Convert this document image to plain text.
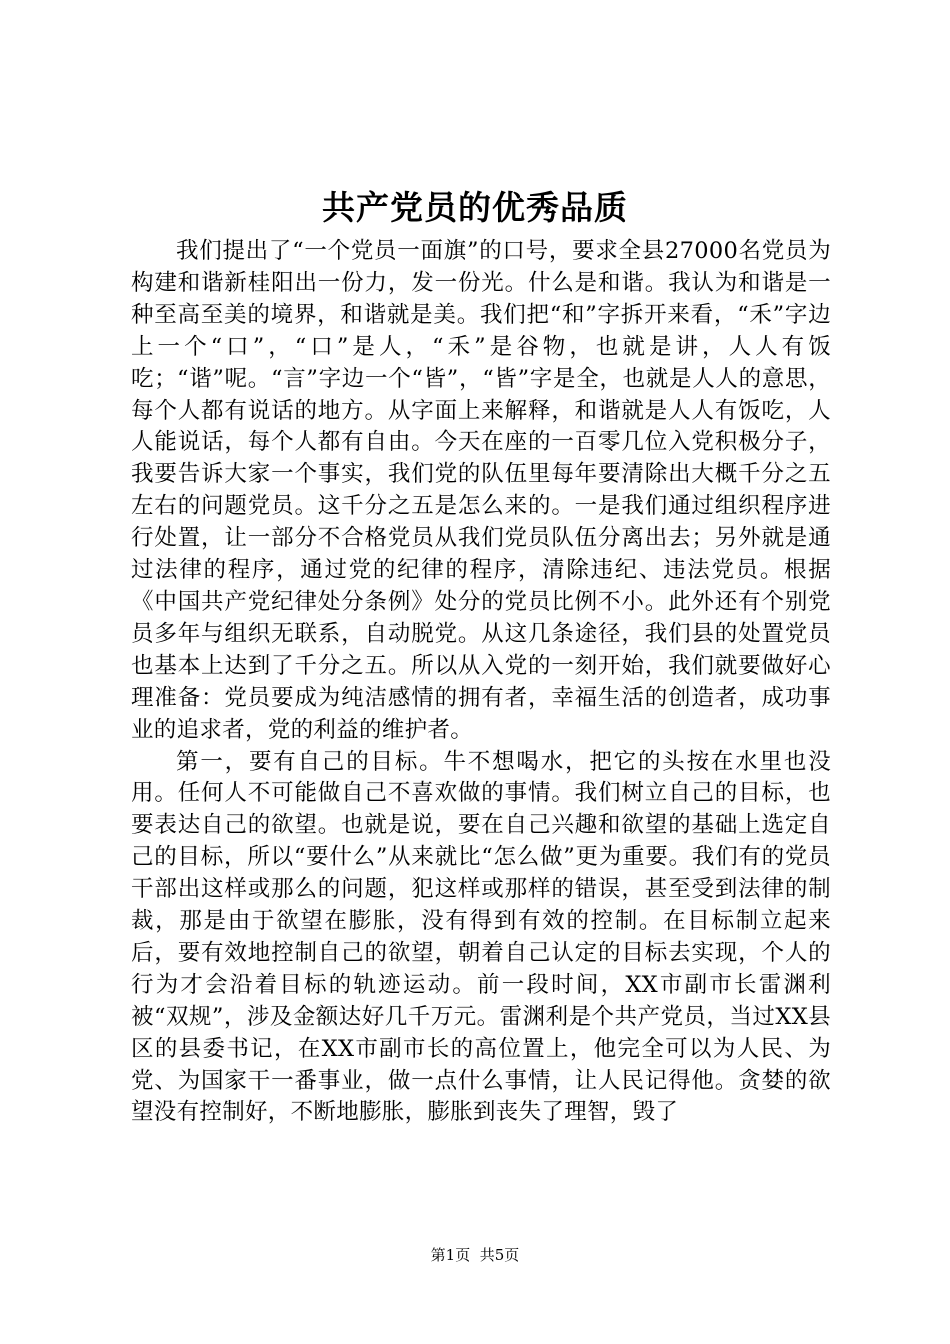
共产党员的优秀品质

我们提出了“一个党员一面旗”的口号，要求全县27000名党员为构建和谐新桂阳出一份力，发一份光。什么是和谐。我认为和谐是一种至高至美的境界，和谐就是美。我们把“和”字拆开来看，“禾”字边上一个“口”，“口”是人，“禾”是谷物，也就是讲，人人有饭吃；“谐”呢。“言”字边一个“皆”，“皆”字是全，也就是人人的意思，每个人都有说话的地方。从字面上来解释，和谐就是人人有饭吃，人人能说话，每个人都有自由。今天在座的一百零几位入党积极分子，我要告诉大家一个事实，我们党的队伍里每年要清除出大概千分之五左右的问题党员。这千分之五是怎么来的。一是我们通过组织程序进行处置，让一部分不合格党员从我们党员队伍分离出去；另外就是通过法律的程序，通过党的纪律的程序，清除违纪、违法党员。根据《中国共产党纪律处分条例》处分的党员比例不小。此外还有个别党员多年与组织无联系，自动脱党。从这几条途径，我们县的处置党员也基本上达到了千分之五。所以从入党的一刻开始，我们就要做好心理准备：党员要成为纯洁感情的拥有者，幸福生活的创造者，成功事业的追求者，党的利益的维护者。

第一，要有自己的目标。牛不想喝水，把它的头按在水里也没用。任何人不可能做自己不喜欢做的事情。我们树立自己的目标，也要表达自己的欲望。也就是说，要在自己兴趣和欲望的基础上选定自己的目标，所以“要什么”从来就比“怎么做”更为重要。我们有的党员干部出这样或那么的问题，犯这样或那样的错误，甚至受到法律的制裁，那是由于欲望在膨胀，没有得到有效的控制。在目标制立起来后，要有效地控制自己的欲望，朝着自己认定的目标去实现，个人的行为才会沿着目标的轨迹运动。前一段时间，XX市副市长雷渊利被“双规”，涉及金额达好几千万元。雷渊利是个共产党员，当过XX县区的县委书记，在XX市副市长的高位置上，他完全可以为人民、为党、为国家干一番事业，做一点什么事情，让人民记得他。贪婪的欲望没有控制好，不断地膨胀，膨胀到丧失了理智，毁了

第1页 共5页
